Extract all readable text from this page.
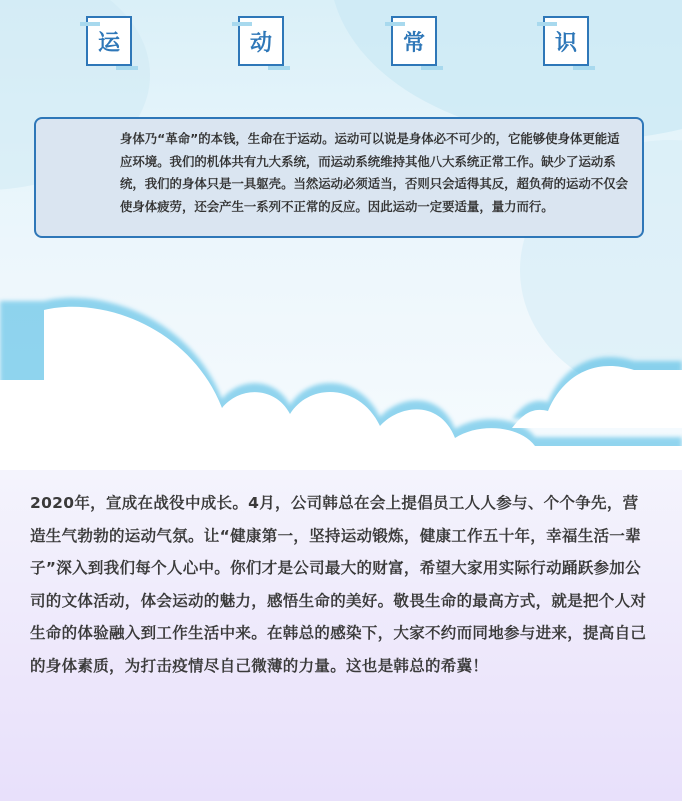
运	动	常	识
身体乃“革命”的本钱，生命在于运动。运动可以说是身体必不可少的，它能够使身体更能适应环境。我们的机体共有九大系统，而运动系统维持其他八大系统正常工作。缺少了运动系统，我们的身体只是一具躯壳。当然运动必须适当，否则只会适得其反，超负荷的运动不仅会使身体疲劳，还会产生一系列不正常的反应。因此运动一定要适量，量力而行。
2020年，宣成在战役中成长。4月，公司韩总在会上提倡员工人人参与、个个争先，营造生气勃勃的运动气氛。让“健康第一，坚持运动锻炼，健康工作五十年，幸福生活一辈子”深入到我们每个人心中。你们才是公司最大的财富，希望大家用实际行动踊跃参加公司的文体活动，体会运动的魅力，感悟生命的美好。敬畏生命的最高方式，就是把个人对生命的体验融入到工作生活中来。在韩总的感染下，大家不约而同地参与进来，提高自己的身体素质，为打击疫情尽自己微薄的力量。这也是韩总的希冀！
